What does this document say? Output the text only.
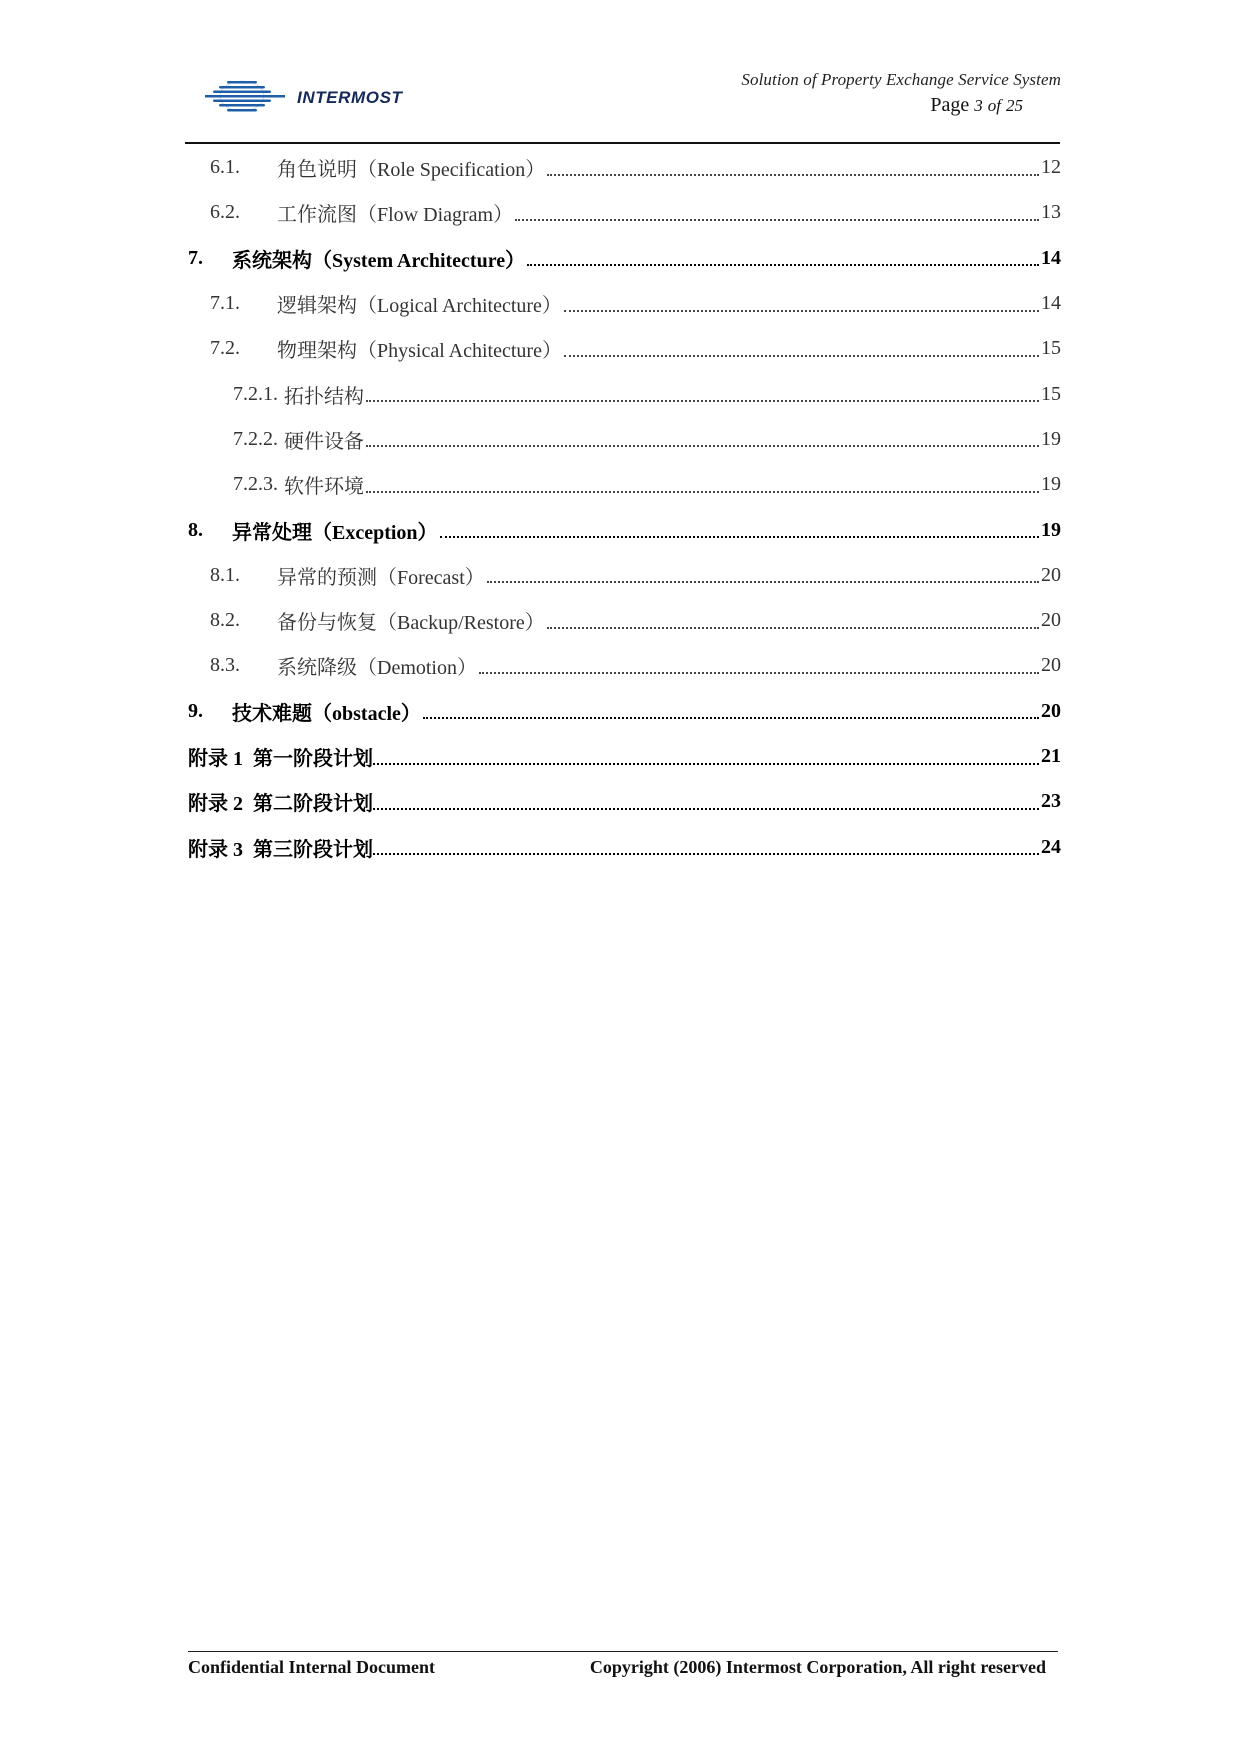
INTERMOST
Solution of Property Exchange Service System
Page 3 of 25
6.1.	角色说明（Role Specification）	12
6.2.	工作流图（Flow Diagram）	13
7.	系统架构（System Architecture）	14
7.1.	逻辑架构（Logical Architecture）	14
7.2.	物理架构（Physical Achitecture）	15
7.2.1. 拓扑结构	15
7.2.2. 硬件设备	19
7.2.3. 软件环境	19
8.	异常处理（Exception）	19
8.1.	异常的预测（Forecast）	20
8.2.	备份与恢复（Backup/Restore）	20
8.3.	系统降级（Demotion）	20
9.	技术难题（obstacle）	20
附录 1 第一阶段计划	21
附录 2 第二阶段计划	23
附录 3 第三阶段计划	24
Confidential Internal Document	Copyright (2006) Intermost Corporation, All right reserved
